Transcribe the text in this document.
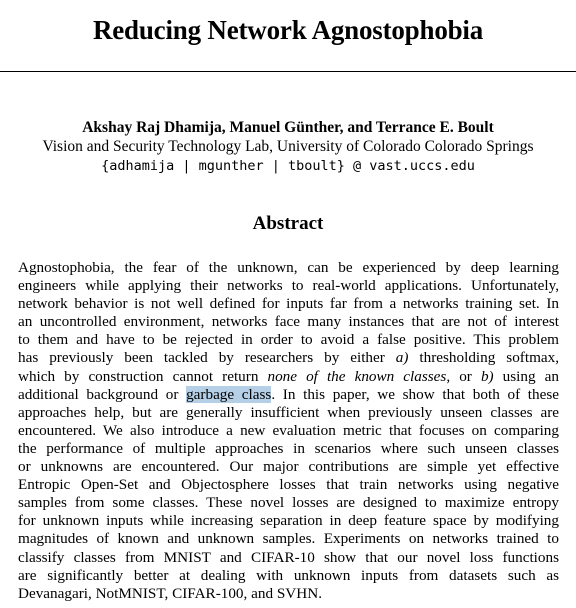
Reducing Network Agnostophobia
Akshay Raj Dhamija, Manuel Günther, and Terrance E. Boult
Vision and Security Technology Lab, University of Colorado Colorado Springs
{adhamija | mgunther | tboult} @ vast.uccs.edu
Abstract
Agnostophobia, the fear of the unknown, can be experienced by deep learning
engineers while applying their networks to real-world applications. Unfortunately,
network behavior is not well defined for inputs far from a networks training set. In
an uncontrolled environment, networks face many instances that are not of interest
to them and have to be rejected in order to avoid a false positive. This problem
has previously been tackled by researchers by either a) thresholding softmax,
which by construction cannot return none of the known classes, or b) using an
additional background or garbage class. In this paper, we show that both of these
approaches help, but are generally insufficient when previously unseen classes are
encountered. We also introduce a new evaluation metric that focuses on comparing
the performance of multiple approaches in scenarios where such unseen classes
or unknowns are encountered. Our major contributions are simple yet effective
Entropic Open-Set and Objectosphere losses that train networks using negative
samples from some classes. These novel losses are designed to maximize entropy
for unknown inputs while increasing separation in deep feature space by modifying
magnitudes of known and unknown samples. Experiments on networks trained to
classify classes from MNIST and CIFAR-10 show that our novel loss functions
are significantly better at dealing with unknown inputs from datasets such as
Devanagari, NotMNIST, CIFAR-100, and SVHN.
